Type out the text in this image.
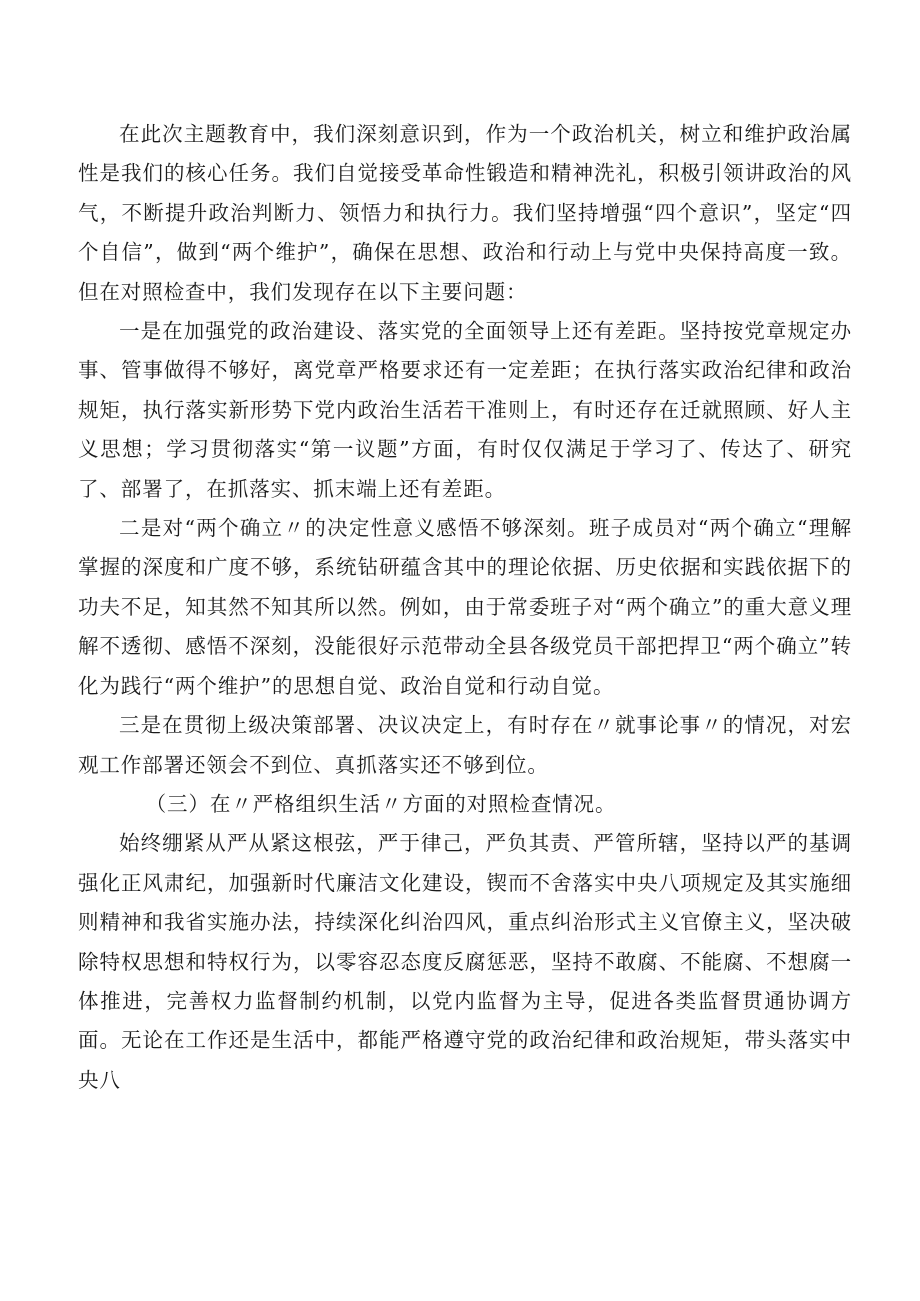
在此次主题教育中，我们深刻意识到，作为一个政治机关，树立和维护政治属性是我们的核心任务。我们自觉接受革命性锻造和精神洗礼，积极引领讲政治的风气，不断提升政治判断力、领悟力和执行力。我们坚持增强“四个意识”，坚定“四个自信”，做到“两个维护”，确保在思想、政治和行动上与党中央保持高度一致。但在对照检查中，我们发现存在以下主要问题：

一是在加强党的政治建设、落实党的全面领导上还有差距。坚持按党章规定办事、管事做得不够好，离党章严格要求还有一定差距；在执行落实政治纪律和政治规矩，执行落实新形势下党内政治生活若干准则上，有时还存在迁就照顾、好人主义思想；学习贯彻落实“第一议题”方面，有时仅仅满足于学习了、传达了、研究了、部署了，在抓落实、抓末端上还有差距。

二是对“两个确立〃的决定性意义感悟不够深刻。班子成员对“两个确立“理解掌握的深度和广度不够，系统钻研蕴含其中的理论依据、历史依据和实践依据下的功夫不足，知其然不知其所以然。例如，由于常委班子对“两个确立”的重大意义理解不透彻、感悟不深刻，没能很好示范带动全县各级党员干部把捍卫“两个确立”转化为践行“两个维护”的思想自觉、政治自觉和行动自觉。

三是在贯彻上级决策部署、决议决定上，有时存在〃就事论事〃的情况，对宏观工作部署还领会不到位、真抓落实还不够到位。

（三）在〃严格组织生活〃方面的对照检查情况。

始终绷紧从严从紧这根弦，严于律己，严负其责、严管所辖，坚持以严的基调强化正风肃纪，加强新时代廉洁文化建设，锲而不舍落实中央八项规定及其实施细则精神和我省实施办法，持续深化纠治四风，重点纠治形式主义官僚主义，坚决破除特权思想和特权行为，以零容忍态度反腐惩恶，坚持不敢腐、不能腐、不想腐一体推进，完善权力监督制约机制，以党内监督为主导，促进各类监督贯通协调方面。无论在工作还是生活中，都能严格遵守党的政治纪律和政治规矩，带头落实中央八
